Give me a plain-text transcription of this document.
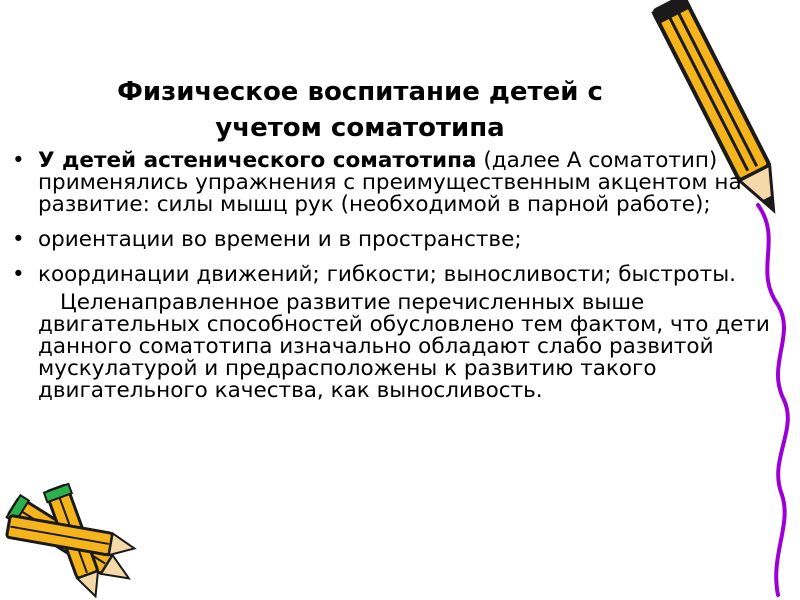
Физическое воспитание детей с учетом соматотипа
• У детей астенического соматотипа (далее А соматотип) применялись упражнения с преимущественным акцентом на развитие: силы мышц рук (необходимой в парной работе);
• ориентации во времени и в пространстве;
• координации движений; гибкости; выносливости; быстроты.
Целенаправленное развитие перечисленных выше двигательных способностей обусловлено тем фактом, что дети данного соматотипа изначально обладают слабо развитой мускулатурой и предрасположены к развитию такого двигательного качества, как выносливость.
